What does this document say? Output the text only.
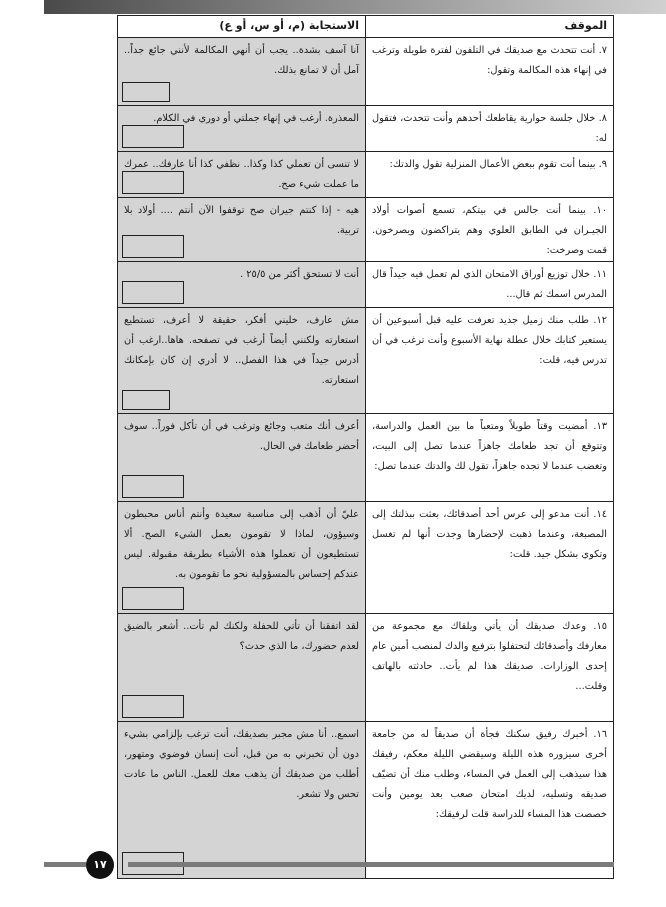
الموقف	الاستجابة (م، أو س، أو ع)

٧. أنت تتحدث مع صديقك في التلفون لفترة طويلة وترغب في إنهاء هذه المكالمة وتقول:	آنا آسف بشدة.. يجب أن أنهي المكالمة لأنني جائع جداً.. آمل أن لا تمانع بذلك.

٨. خلال جلسة حوارية يقاطعك أحدهم وأنت تتحدث، فتقول له:	المعذرة. أرغب في إنهاء جملتي أو دوري في الكلام.

٩. بينما أنت تقوم ببعض الأعمال المنزلية تقول والدتك:	لا تنسى أن تعملي كذا وكذا.. نظفي كذا أنا عارفك.. عمرك ما عملت شيء صح.

١٠. بينما أنت جالس في بيتكم، تسمع أصوات أولاد الجيـران في الطابق العلوي وهم يتراكضون ويصرخون. قمت وصرخت:	هيه - إذا كنتم جيران صح توقفوا الآن أنتم .... أولاد بلا تربية.

١١. خلال توزيع أوراق الامتحان الذي لم تعمل فيه جيداً قال المدرس اسمك ثم قال...	أنت لا تستحق أكثر من ٢٥/٥ .

١٢. طلب منك زميل جديد تعرفت عليه قبل أسبوعين أن يستعير كتابك خلال عطلة نهاية الأسبوع وأنت ترغب في أن تدرس فيه، قلت:	مش عارف، خليني أفكر، حقيقة لا أعرف، تستطيع استعارته ولكنني أيضاً أرغب في تصفحه. هاها..ارغب أن أدرس جيداً في هذا الفصل.. لا أدري إن كان بإمكانك استعارته.

١٣. أمضيت وقتاً طويلاً ومتعباً ما بين العمل والدراسة، وتتوقع أن تجد طعامك جاهزاً عندما تصل إلى البيت، وتغضب عندما لا تجده جاهزاً، تقول لك والدتك عندما تصل:	أعرف أنك متعب وجائع وترغب في أن تأكل فوراً.. سوف أحضر طعامك في الحال.

١٤. أنت مدعو إلى عرس أحد أصدقائك، بعثت ببذلتك إلى المصبغة، وعندما ذهبت لإحضارها وجدت أنها لم تغسل وتكوي بشكل جيد. قلت:	عليّ أن أذهب إلى مناسبة سعيدة وأنتم أناس محبطون وسيؤون، لماذا لا تقومون بعمل الشيء الصح. ألا تستطيعون أن تعملوا هذه الأشياء بطريقة مقبولة. ليس عندكم إحساس بالمسؤولية نحو ما تقومون به.

١٥. وعدك صديقك أن يأتي ويلقاك مع مجموعة من معارفك وأصدقائك لتحتفلوا بترفيع والدك لمنصب أمين عام إحدى الوزارات. صديقك هذا لم يأت.. حادثته بالهاتف وقلت...	لقد اتفقنا أن تأتي للحفلة ولكنك لم تأت.. أشعر بالضيق لعدم حضورك، ما الذي حدث؟

١٦. أخبرك رفيق سكنك فجأة أن صديقاً له من جامعة أخرى سيزوره هذه الليلة وسيقضي الليلة معكم، رفيقك هذا سيذهب إلى العمل في المساء، وطلب منك أن تضيّف صديقه وتسليه، لديك امتحان صعب بعد يومين وأنت خصصت هذا المساء للدراسة قلت لرفيقك:	اسمع.. أنا مش مجبر بصديقك، أنت ترغب بإلزامي بشيء دون أن تخبرني به من قبل، أنت إنسان فوضوي ومتهور، أطلب من صديقك أن يذهب معك للعمل. الناس ما عادت تحس ولا تشعر.
١٧
